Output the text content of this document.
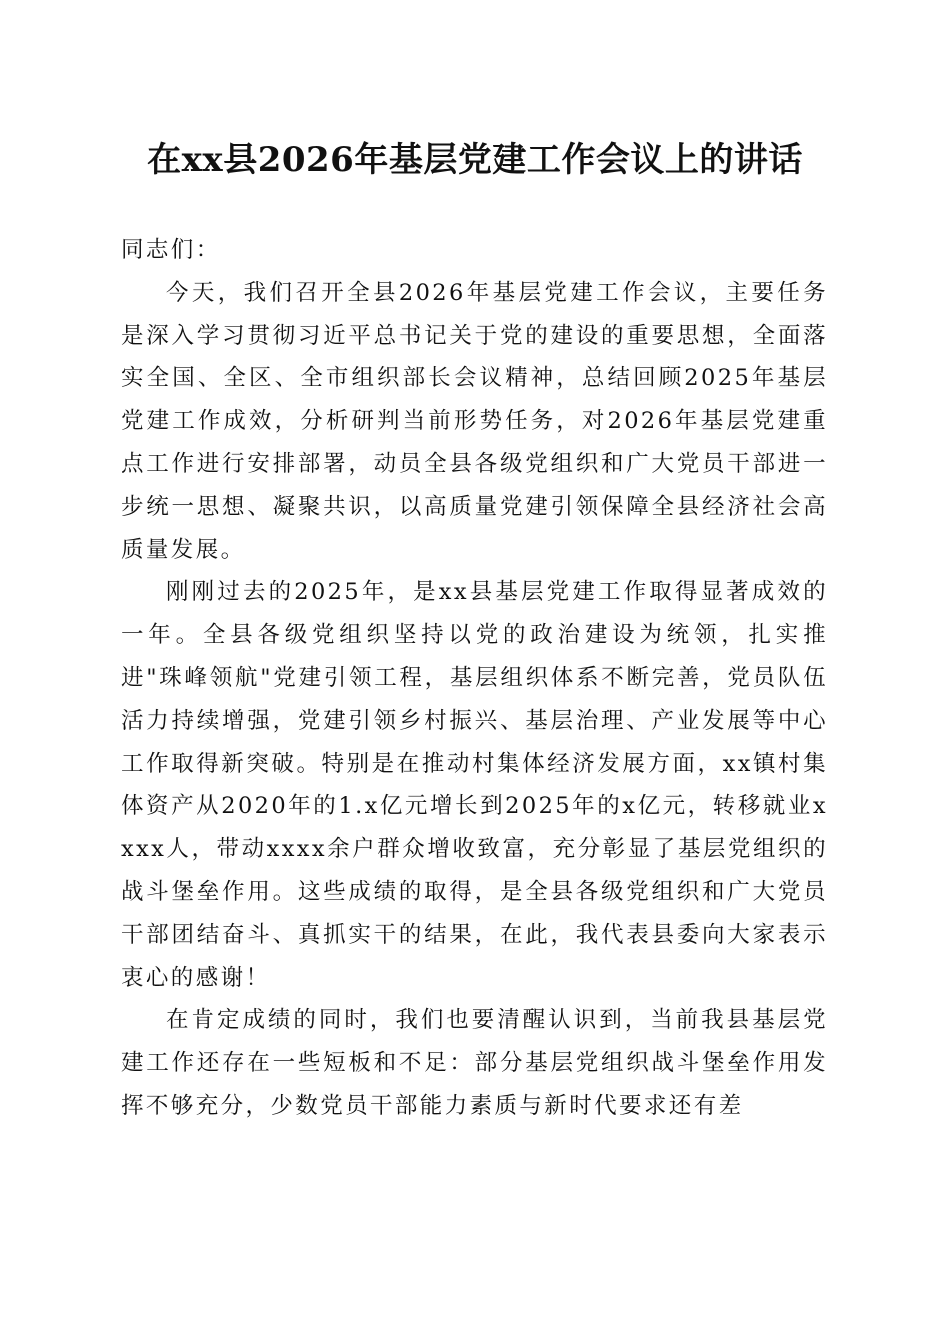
在xx县2026年基层党建工作会议上的讲话

同志们：

今天，我们召开全县2026年基层党建工作会议，主要任务是深入学习贯彻习近平总书记关于党的建设的重要思想，全面落实全国、全区、全市组织部长会议精神，总结回顾2025年基层党建工作成效，分析研判当前形势任务，对2026年基层党建重点工作进行安排部署，动员全县各级党组织和广大党员干部进一步统一思想、凝聚共识，以高质量党建引领保障全县经济社会高质量发展。

刚刚过去的2025年，是xx县基层党建工作取得显著成效的一年。全县各级党组织坚持以党的政治建设为统领，扎实推进"珠峰领航"党建引领工程，基层组织体系不断完善，党员队伍活力持续增强，党建引领乡村振兴、基层治理、产业发展等中心工作取得新突破。特别是在推动村集体经济发展方面，xx镇村集体资产从2020年的1.x亿元增长到2025年的x亿元，转移就业xxxx人，带动xxxx余户群众增收致富，充分彰显了基层党组织的战斗堡垒作用。这些成绩的取得，是全县各级党组织和广大党员干部团结奋斗、真抓实干的结果，在此，我代表县委向大家表示衷心的感谢！

在肯定成绩的同时，我们也要清醒认识到，当前我县基层党建工作还存在一些短板和不足：部分基层党组织战斗堡垒作用发挥不够充分，少数党员干部能力素质与新时代要求还有差
